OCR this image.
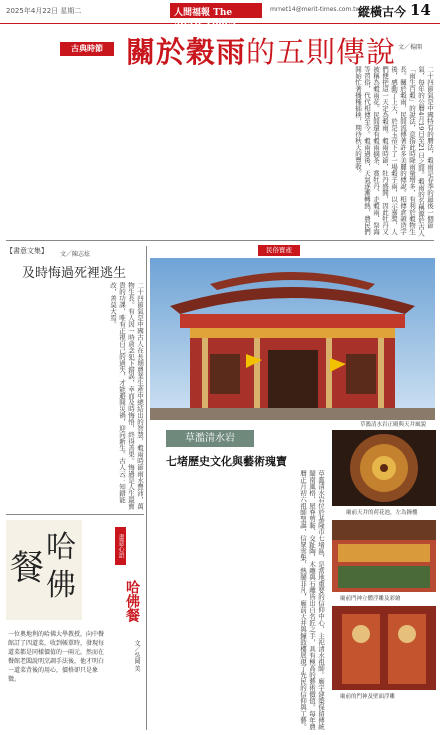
2025年4月22日 星期二	人間福報 The Merit Times
mrnet14@merit-times.com.tw
縱橫古今 14
古典時節 關於穀雨的五則傳說 文／楊開
二十四節氣是中國特有的曆法，穀雨是春季的最後一個節氣，每年的公曆4月19日至21日之間。穀雨的名稱源於古人「雨生百穀」的說法，意指此時降雨量增多，有利於穀物生長。關於穀雨，民間流傳著許多美麗的傳說。相傳倉頡造字後，感動了上天，於是玉帝下了一場穀子雨，以示嘉獎，人們便把這一天定為穀雨。穀雨時節，牡丹盛開，因此牡丹又被稱為穀雨花。民間還有穀雨摘茶、賞牡丹、走穀雨、祭海等習俗，代代相傳至今。穀雨過後，天氣逐漸轉熱，農民們開始忙著播種插秧，期待秋天的豐收。
【書意文集】 文／陳志炫
及時悔過死裡逃生
二十四節氣是中國古人在長期農業生產中總結出的智慧，穀雨時節雨水豐沛，萬物生長。有人因一時貪念犯下錯誤，幸而及時悔悟，終得善果。悔過是人生最寶貴的功課，唯有正視自己的過失，才能避開災禍，迎向新生。古人云：知錯能改，善莫大焉。
民俗寶產
草濫清水岩正殿與天井風貌
草濫清水岩
七堵歷史文化與藝術瑰寶
草濫清水岩位於基隆市七堵區，是當地重要的信仰中心，主祀清水祖師。廟宇建築保留傳統閩南風格，屋脊剪黏、交趾陶、木雕與石雕皆出自名匠之手，具有極高的藝術價值。每年農曆正月初六祖師聖誕，信眾雲集，熱鬧非凡，廟前天井與鐘鼓樓展現了先民的信仰與工藝。	廟前天井的荷花池，左為鐘樓
廟前門神立體浮雕及彩繪
廟前的門神及壁面浮雕
哈
佛
餐
書意心語
哈佛餐
文／吳岡 美
一位奧地利的哈佛大學教授，向中餐館訂了四道菜，收到帳單時，發現每道菜都是同樣價值的一兩元。然而在餐館老闆說明烹調手法後，他才明白一道菜背後的用心，價格卻只是象徵。
